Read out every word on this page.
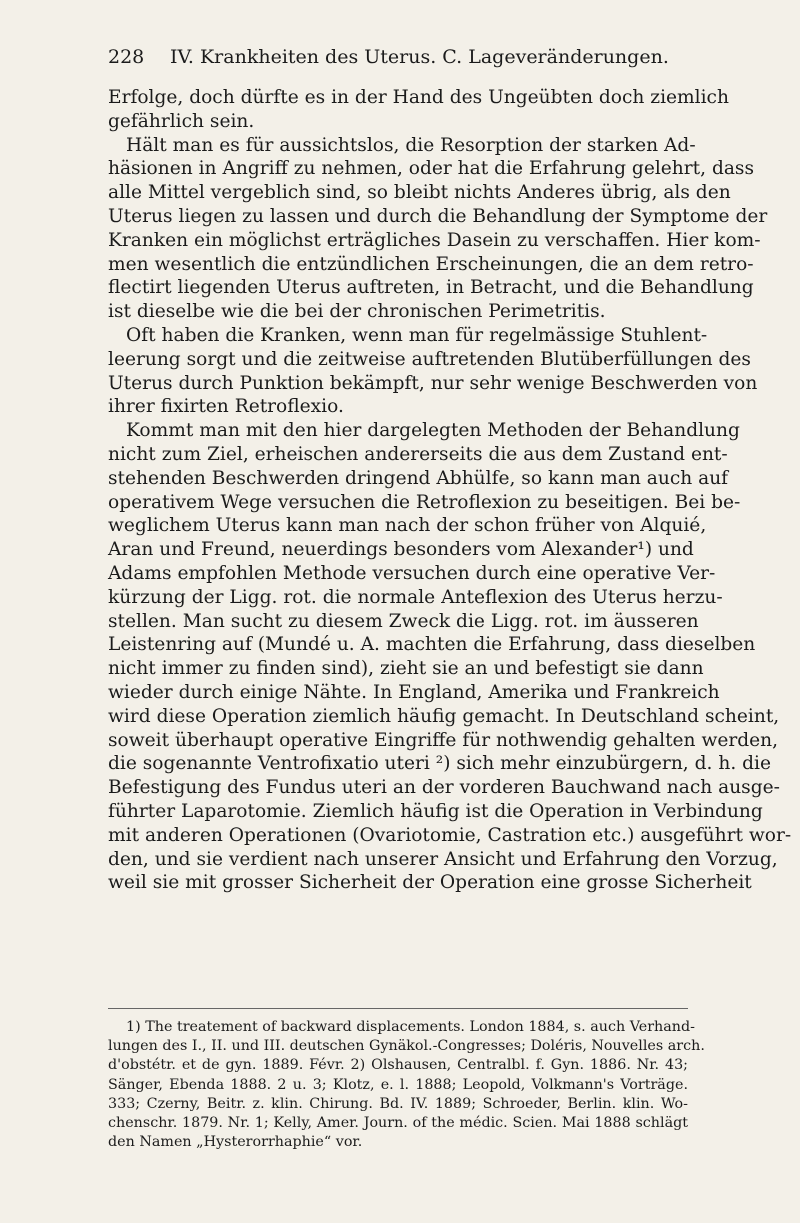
228 IV. Krankheiten des Uterus. C. Lageveränderungen.
Erfolge, doch dürfte es in der Hand des Ungeübten doch ziemlich
gefährlich sein.
Hält man es für aussichtslos, die Resorption der starken Ad-
häsionen in Angriff zu nehmen, oder hat die Erfahrung gelehrt, dass
alle Mittel vergeblich sind, so bleibt nichts Anderes übrig, als den
Uterus liegen zu lassen und durch die Behandlung der Symptome der
Kranken ein möglichst erträgliches Dasein zu verschaffen. Hier kom-
men wesentlich die entzündlichen Erscheinungen, die an dem retro-
flectirt liegenden Uterus auftreten, in Betracht, und die Behandlung
ist dieselbe wie die bei der chronischen Perimetritis.
Oft haben die Kranken, wenn man für regelmässige Stuhlent-
leerung sorgt und die zeitweise auftretenden Blutüberfüllungen des
Uterus durch Punktion bekämpft, nur sehr wenige Beschwerden von
ihrer fixirten Retroflexio.
Kommt man mit den hier dargelegten Methoden der Behandlung
nicht zum Ziel, erheischen andererseits die aus dem Zustand ent-
stehenden Beschwerden dringend Abhülfe, so kann man auch auf
operativem Wege versuchen die Retroflexion zu beseitigen. Bei be-
weglichem Uterus kann man nach der schon früher von Alquié,
Aran und Freund, neuerdings besonders vom Alexander¹) und
Adams empfohlen Methode versuchen durch eine operative Ver-
kürzung der Ligg. rot. die normale Anteflexion des Uterus herzu-
stellen. Man sucht zu diesem Zweck die Ligg. rot. im äusseren
Leistenring auf (Mundé u. A. machten die Erfahrung, dass dieselben
nicht immer zu finden sind), zieht sie an und befestigt sie dann
wieder durch einige Nähte. In England, Amerika und Frankreich
wird diese Operation ziemlich häufig gemacht. In Deutschland scheint,
soweit überhaupt operative Eingriffe für nothwendig gehalten werden,
die sogenannte Ventrofixatio uteri ²) sich mehr einzubürgern, d. h. die
Befestigung des Fundus uteri an der vorderen Bauchwand nach ausge-
führter Laparotomie. Ziemlich häufig ist die Operation in Verbindung
mit anderen Operationen (Ovariotomie, Castration etc.) ausgeführt wor-
den, und sie verdient nach unserer Ansicht und Erfahrung den Vorzug,
weil sie mit grosser Sicherheit der Operation eine grosse Sicherheit
1) The treatement of backward displacements. London 1884, s. auch Verhand-
lungen des I., II. und III. deutschen Gynäkol.-Congresses; Doléris, Nouvelles arch.
d'obstétr. et de gyn. 1889. Févr. 2) Olshausen, Centralbl. f. Gyn. 1886. Nr. 43;
Sänger, Ebenda 1888. 2 u. 3; Klotz, e. l. 1888; Leopold, Volkmann's Vorträge.
333; Czerny, Beitr. z. klin. Chirung. Bd. IV. 1889; Schroeder, Berlin. klin. Wo-
chenschr. 1879. Nr. 1; Kelly, Amer. Journ. of the médic. Scien. Mai 1888 schlägt
den Namen „Hysterorrhaphie“ vor.
